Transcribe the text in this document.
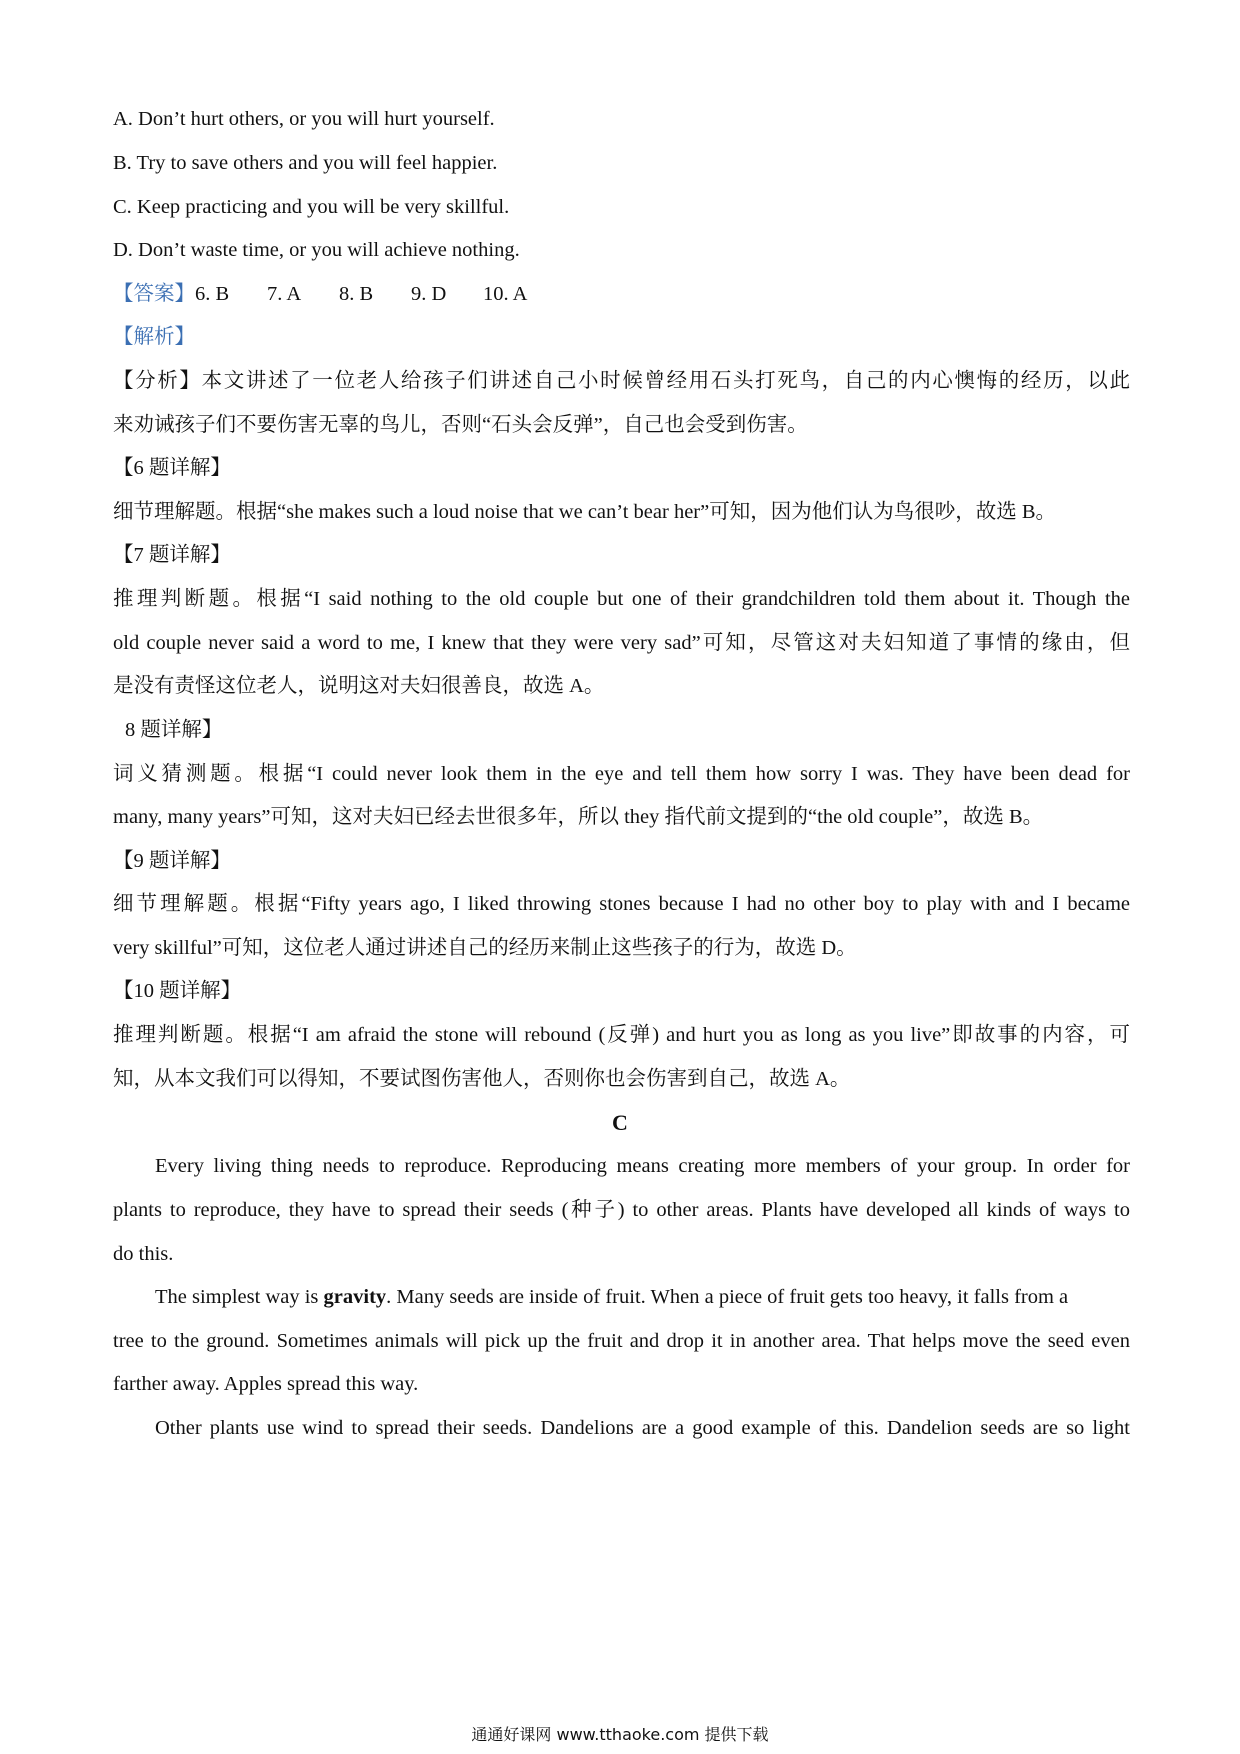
A. Don’t hurt others, or you will hurt yourself.
B. Try to save others and you will feel happier.
C. Keep practicing and you will be very skillful.
D. Don’t waste time, or you will achieve nothing.
【答案】6. B 7. A 8. B 9. D 10. A
【解析】
【分析】本文讲述了一位老人给孩子们讲述自己小时候曾经用石头打死鸟，自己的内心懊悔的经历，以此
来劝诫孩子们不要伤害无辜的鸟儿，否则“石头会反弹”，自己也会受到伤害。
【6 题详解】
细节理解题。根据“she makes such a loud noise that we can’t bear her”可知，因为他们认为鸟很吵，故选 B。
【7 题详解】
推理判断题。根据“I said nothing to the old couple but one of their grandchildren told them about it. Though the
old couple never said a word to me, I knew that they were very sad”可知，尽管这对夫妇知道了事情的缘由，但
是没有责怪这位老人，说明这对夫妇很善良，故选 A。
8 题详解】
词义猜测题。根据“I could never look them in the eye and tell them how sorry I was. They have been dead for
many, many years”可知，这对夫妇已经去世很多年，所以 they 指代前文提到的“the old couple”，故选 B。
【9 题详解】
细节理解题。根据“Fifty years ago, I liked throwing stones because I had no other boy to play with and I became
very skillful”可知，这位老人通过讲述自己的经历来制止这些孩子的行为，故选 D。
【10 题详解】
推理判断题。根据“I am afraid the stone will rebound (反弹) and hurt you as long as you live”即故事的内容，可
知，从本文我们可以得知，不要试图伤害他人，否则你也会伤害到自己，故选 A。
C
Every living thing needs to reproduce. Reproducing means creating more members of your group. In order for
plants to reproduce, they have to spread their seeds (种子) to other areas. Plants have developed all kinds of ways to
do this.
The simplest way is gravity. Many seeds are inside of fruit. When a piece of fruit gets too heavy, it falls from a
tree to the ground. Sometimes animals will pick up the fruit and drop it in another area. That helps move the seed even
farther away. Apples spread this way.
Other plants use wind to spread their seeds. Dandelions are a good example of this. Dandelion seeds are so light
通通好课网 www.tthaoke.com 提供下载
